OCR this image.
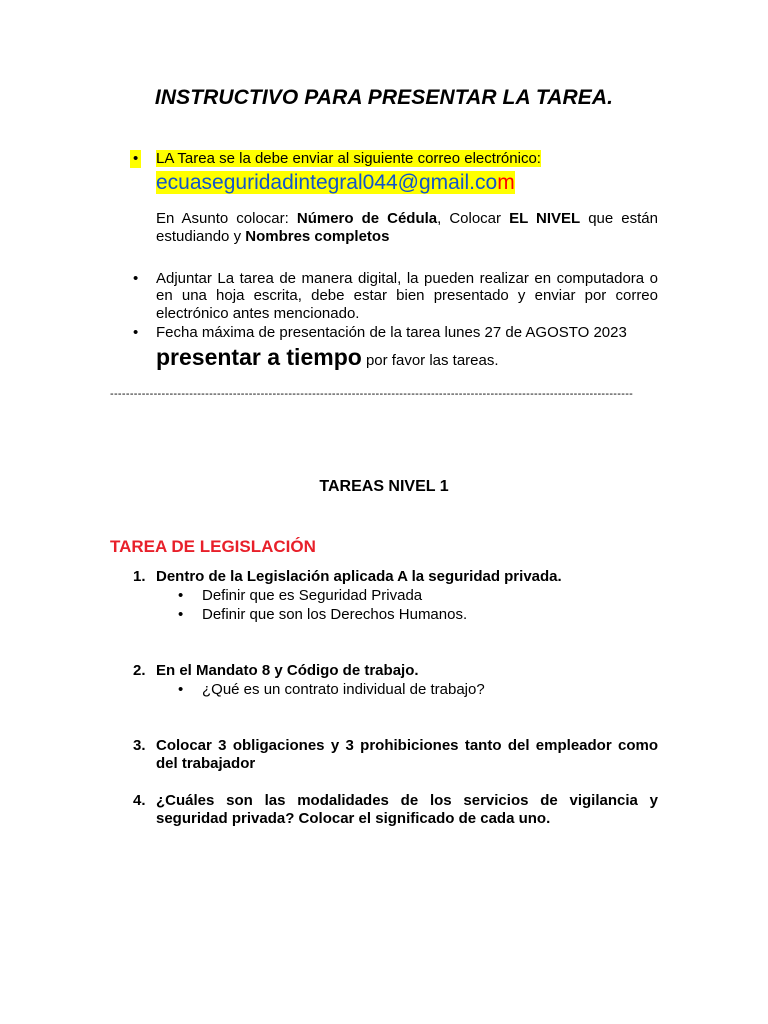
INSTRUCTIVO PARA PRESENTAR LA TAREA.
• LA Tarea se la debe enviar al siguiente correo electrónico:
ecuaseguridadintegral044@gmail.com
En Asunto colocar: Número de Cédula, Colocar EL NIVEL que están estudiando y Nombres completos
• Adjuntar La tarea de manera digital, la pueden realizar en computadora o en una hoja escrita, debe estar bien presentado y enviar por correo electrónico antes mencionado.
• Fecha máxima de presentación de la tarea lunes 27 de AGOSTO 2023
presentar a tiempo por favor las tareas.
------------------------------------------------------------------------------------------------------------------------------------
TAREAS NIVEL 1
TAREA DE LEGISLACIÓN
1. Dentro de la Legislación aplicada A la seguridad privada.
• Definir que es Seguridad Privada
• Definir que son los Derechos Humanos.
2. En el Mandato 8 y Código de trabajo.
• ¿Qué es un contrato individual de trabajo?
3. Colocar 3 obligaciones y 3 prohibiciones tanto del empleador como del trabajador
4. ¿Cuáles son las modalidades de los servicios de vigilancia y seguridad privada? Colocar el significado de cada uno.
